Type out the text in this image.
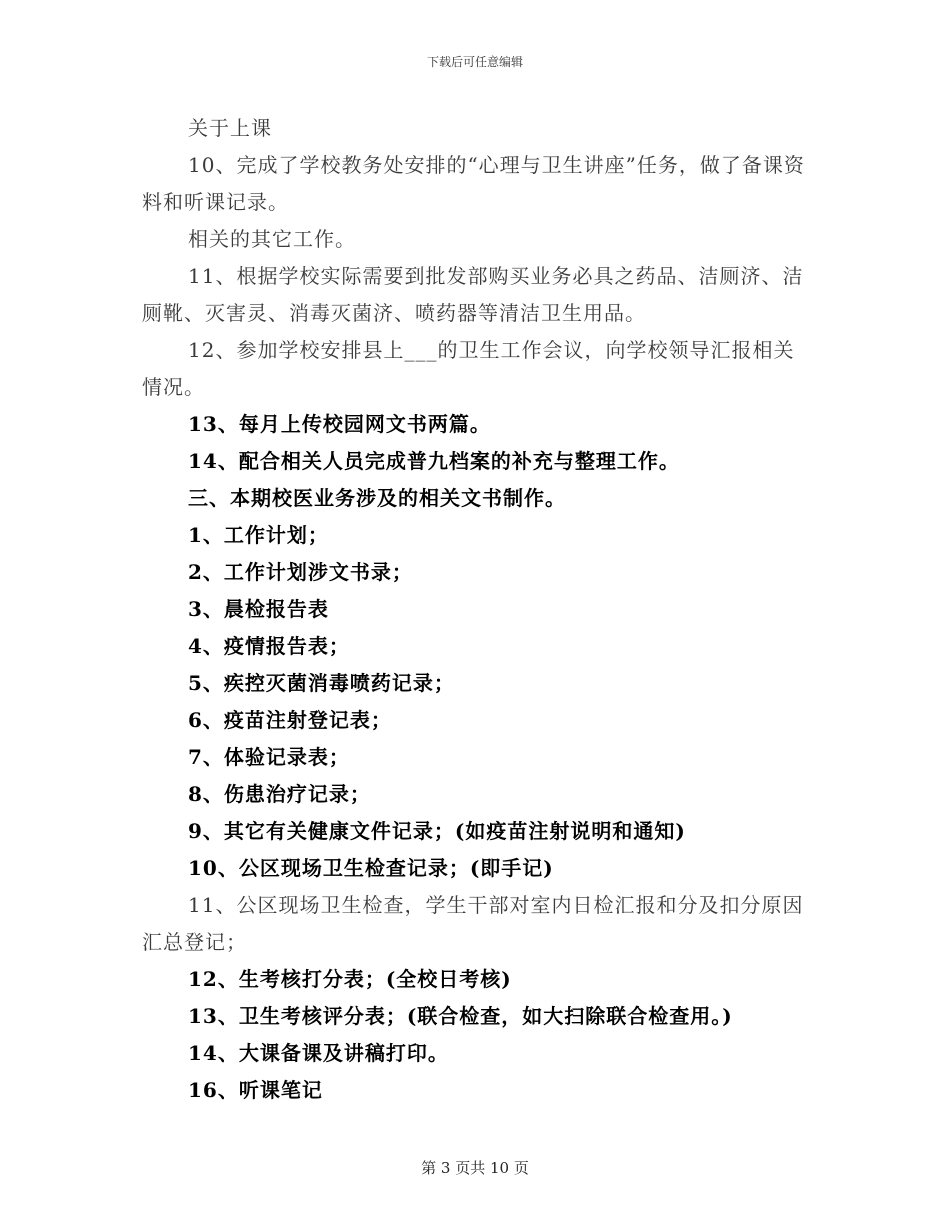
下载后可任意编辑

关于上课

10、完成了学校教务处安排的“心理与卫生讲座”任务，做了备课资料和听课记录。

相关的其它工作。

11、根据学校实际需要到批发部购买业务必具之药品、洁厕济、洁厕靴、灭害灵、消毒灭菌济、喷药器等清洁卫生用品。

12、参加学校安排县上___的卫生工作会议，向学校领导汇报相关情况。

13、每月上传校园网文书两篇。

14、配合相关人员完成普九档案的补充与整理工作。

三、本期校医业务涉及的相关文书制作。

1、工作计划；

2、工作计划涉文书录；

3、晨检报告表

4、疫情报告表；

5、疾控灭菌消毒喷药记录；

6、疫苗注射登记表；

7、体验记录表；

8、伤患治疗记录；

9、其它有关健康文件记录；(如疫苗注射说明和通知)

10、公区现场卫生检查记录；(即手记)

11、公区现场卫生检查，学生干部对室内日检汇报和分及扣分原因汇总登记；

12、生考核打分表；(全校日考核)

13、卫生考核评分表；(联合检查，如大扫除联合检查用。)

14、大课备课及讲稿打印。

16、听课笔记

第 3 页共 10 页
